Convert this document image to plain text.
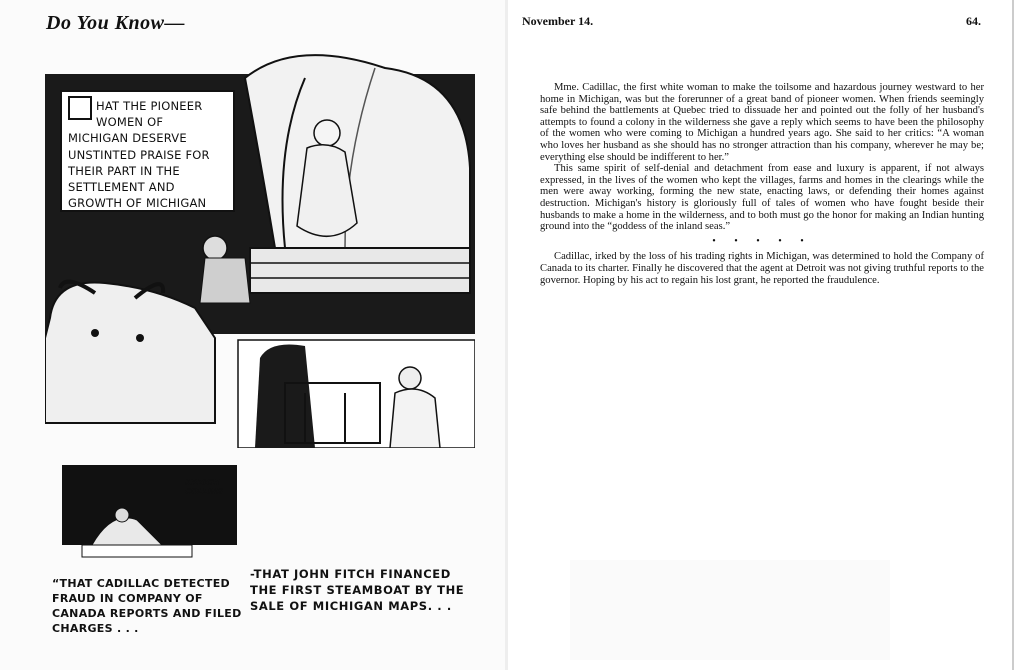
Do You Know—	November 14.	64.
HAT THE PIONEER WOMEN OF MICHIGAN DESERVE UNSTINTED PRAISE FOR THEIR PART IN THE SETTLEMENT AND GROWTH OF MICHIGAN
KRZIGH
COLLINS
“THAT CADILLAC DETECTED FRAUD IN COMPANY OF CANADA REPORTS AND FILED CHARGES . . .
-THAT JOHN FITCH FINANCED THE FIRST STEAMBOAT BY THE SALE OF MICHIGAN MAPS. . .

Mme. Cadillac, the first white woman to make the toilsome and hazardous journey westward to her home in Michigan, was but the forerunner of a great band of pioneer women. When friends seemingly safe behind the battlements at Quebec tried to dissuade her and pointed out the folly of her husband's attempts to found a colony in the wilderness she gave a reply which seems to have been the philosophy of the women who were coming to Michigan a hundred years ago. She said to her critics: “A woman who loves her husband as she should has no stronger attraction than his company, wherever he may be; everything else should be indifferent to her.”

This same spirit of self-denial and detachment from ease and luxury is apparent, if not always expressed, in the lives of the women who kept the villages, farms and homes in the clearings while the men were away working, forming the new state, enacting laws, or defending their homes against destruction. Michigan's history is gloriously full of tales of women who have fought beside their husbands to make a home in the wilderness, and to both must go the honor for making an Indian hunting ground into the “goddess of the inland seas.”

• • • • •

Cadillac, irked by the loss of his trading rights in Michigan, was determined to hold the Company of Canada to its charter. Finally he discovered that the agent at Detroit was not giving truthful reports to the governor. Hoping by his act to regain his lost grant, he reported the fraudulence.
